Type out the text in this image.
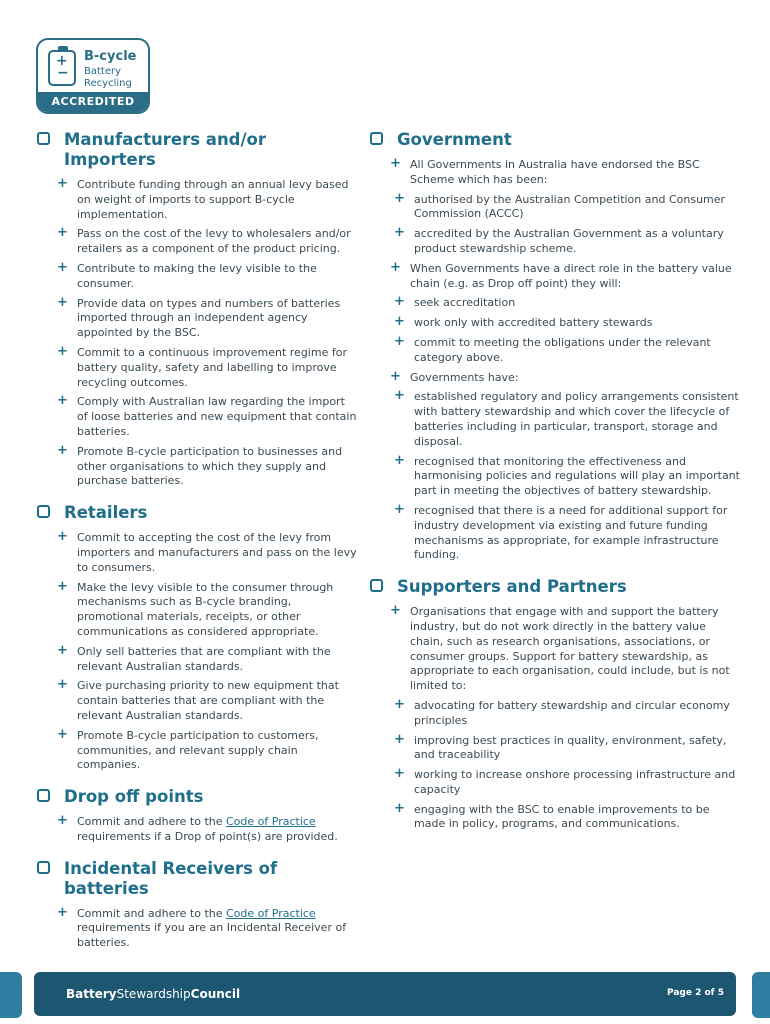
+
−
B-cycle
Battery
Recycling
ACCREDITED
Manufacturers and/or Importers
+ Contribute funding through an annual levy based on weight of imports to support B-cycle implementation.
+ Pass on the cost of the levy to wholesalers and/or retailers as a component of the product pricing.
+ Contribute to making the levy visible to the consumer.
+ Provide data on types and numbers of batteries imported through an independent agency appointed by the BSC.
+ Commit to a continuous improvement regime for battery quality, safety and labelling to improve recycling outcomes.
+ Comply with Australian law regarding the import of loose batteries and new equipment that contain batteries.
+ Promote B-cycle participation to businesses and other organisations to which they supply and purchase batteries.
Retailers
+ Commit to accepting the cost of the levy from importers and manufacturers and pass on the levy to consumers.
+ Make the levy visible to the consumer through mechanisms such as B-cycle branding, promotional materials, receipts, or other communications as considered appropriate.
+ Only sell batteries that are compliant with the relevant Australian standards.
+ Give purchasing priority to new equipment that contain batteries that are compliant with the relevant Australian standards.
+ Promote B-cycle participation to customers, communities, and relevant supply chain companies.
Drop off points
+ Commit and adhere to the Code of Practice requirements if a Drop of point(s) are provided.
Incidental Receivers of batteries
+ Commit and adhere to the Code of Practice requirements if you are an Incidental Receiver of batteries.
Government
+ All Governments in Australia have endorsed the BSC Scheme which has been:
+ authorised by the Australian Competition and Consumer Commission (ACCC)
+ accredited by the Australian Government as a voluntary product stewardship scheme.
+ When Governments have a direct role in the battery value chain (e.g. as Drop off point) they will:
+ seek accreditation
+ work only with accredited battery stewards
+ commit to meeting the obligations under the relevant category above.
+ Governments have:
+ established regulatory and policy arrangements consistent with battery stewardship and which cover the lifecycle of batteries including in particular, transport, storage and disposal.
+ recognised that monitoring the effectiveness and harmonising policies and regulations will play an important part in meeting the objectives of battery stewardship.
+ recognised that there is a need for additional support for industry development via existing and future funding mechanisms as appropriate, for example infrastructure funding.
Supporters and Partners
+ Organisations that engage with and support the battery industry, but do not work directly in the battery value chain, such as research organisations, associations, or consumer groups. Support for battery stewardship, as appropriate to each organisation, could include, but is not limited to:
+ advocating for battery stewardship and circular economy principles
+ improving best practices in quality, environment, safety, and traceability
+ working to increase onshore processing infrastructure and capacity
+ engaging with the BSC to enable improvements to be made in policy, programs, and communications.
BatteryStewardshipCouncil	Page 2 of 5
